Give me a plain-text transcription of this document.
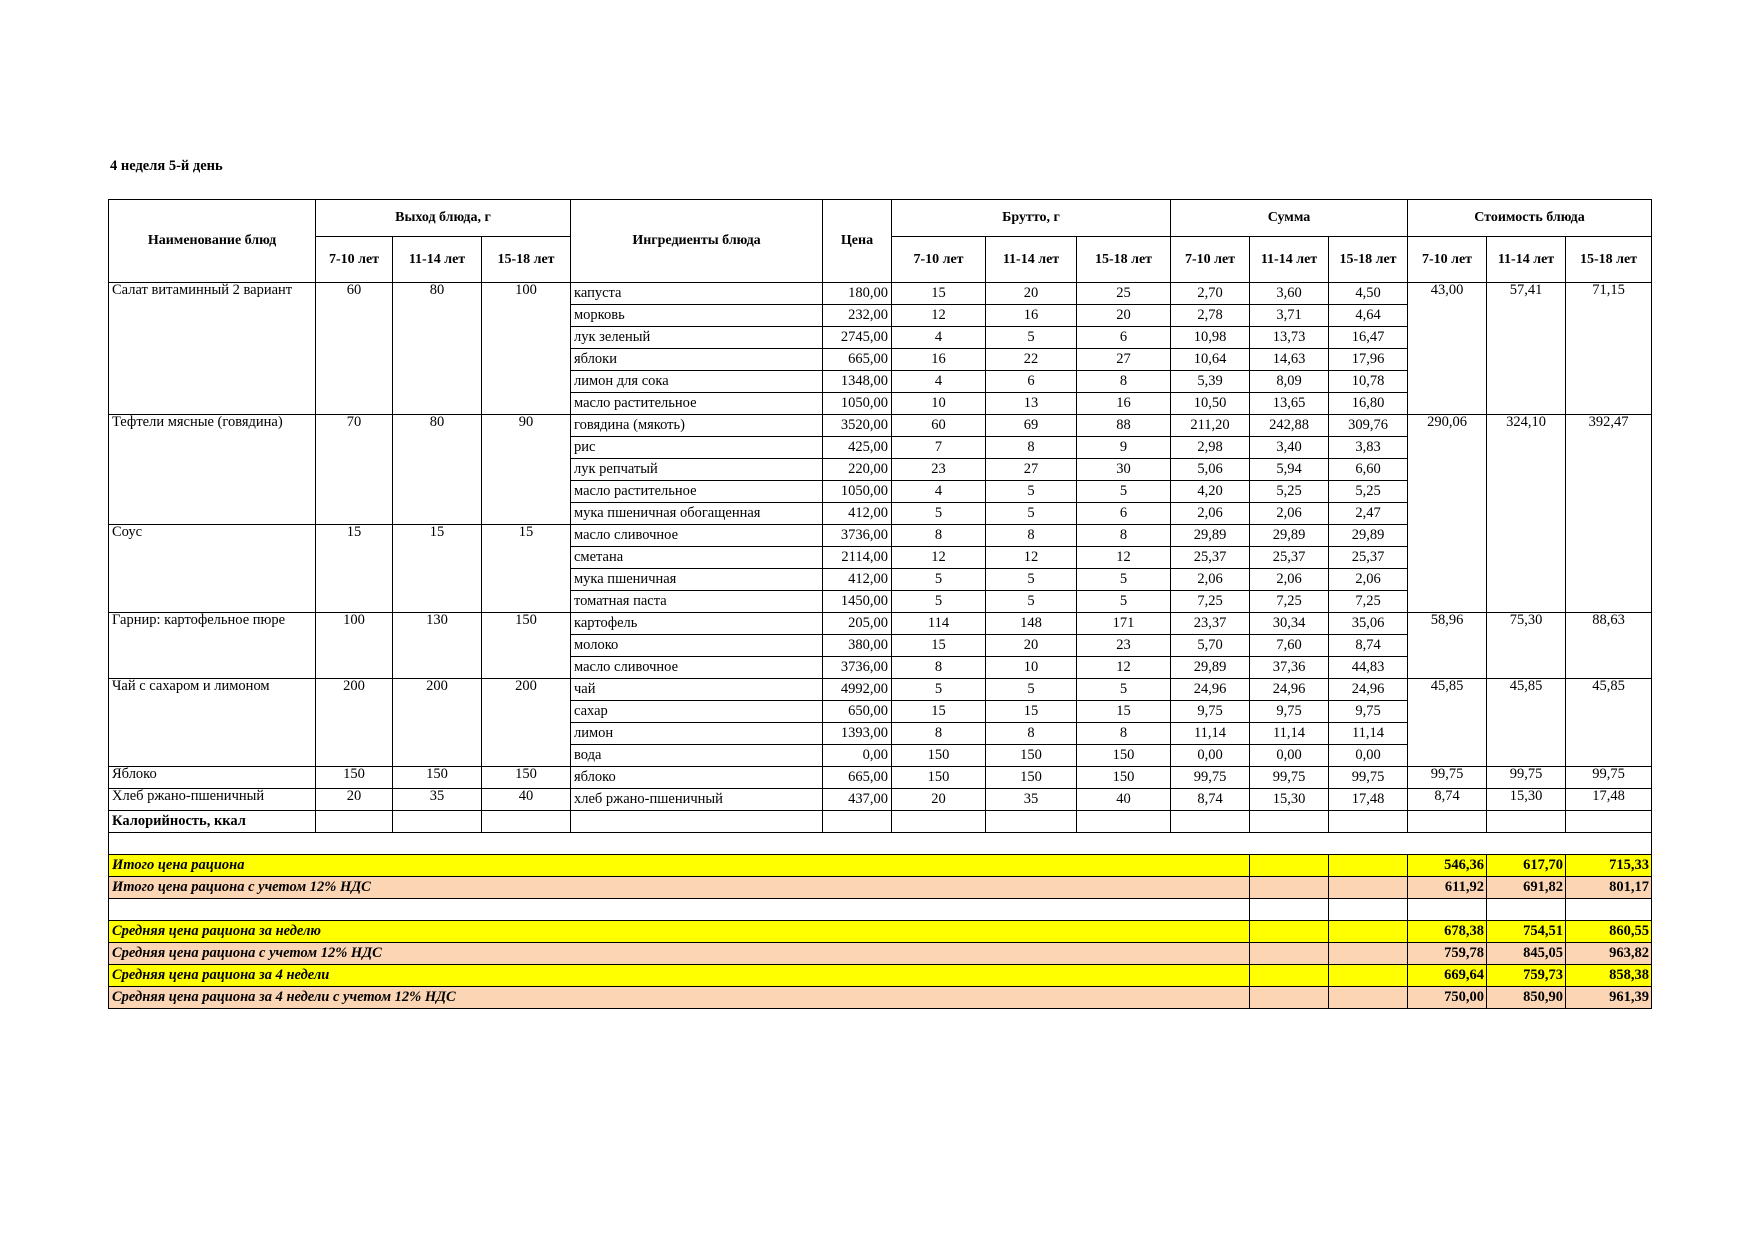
4 неделя 5-й день
Наименование блюд	Выход блюда, г			Ингредиенты блюда	Цена	Брутто, г			Сумма			Стоимость блюда		
	7-10 лет	11-14 лет	15-18 лет			7-10 лет	11-14 лет	15-18 лет	7-10 лет	11-14 лет	15-18 лет	7-10 лет	11-14 лет	15-18 лет
Салат витаминный 2 вариант	60	80	100	капуста	180,00	15	20	25	2,70	3,60	4,50	43,00	57,41	71,15
				морковь	232,00	12	16	20	2,78	3,71	4,64			
				лук зеленый	2745,00	4	5	6	10,98	13,73	16,47			
				яблоки	665,00	16	22	27	10,64	14,63	17,96			
				лимон для сока	1348,00	4	6	8	5,39	8,09	10,78			
				масло растительное	1050,00	10	13	16	10,50	13,65	16,80			
Тефтели мясные (говядина)	70	80	90	говядина (мякоть)	3520,00	60	69	88	211,20	242,88	309,76	290,06	324,10	392,47
				рис	425,00	7	8	9	2,98	3,40	3,83			
				лук репчатый	220,00	23	27	30	5,06	5,94	6,60			
				масло растительное	1050,00	4	5	5	4,20	5,25	5,25			
				мука пшеничная обогащенная	412,00	5	5	6	2,06	2,06	2,47			
Соус	15	15	15	масло сливочное	3736,00	8	8	8	29,89	29,89	29,89			
				сметана	2114,00	12	12	12	25,37	25,37	25,37			
				мука пшеничная	412,00	5	5	5	2,06	2,06	2,06			
				томатная паста	1450,00	5	5	5	7,25	7,25	7,25			
Гарнир: картофельное пюре	100	130	150	картофель	205,00	114	148	171	23,37	30,34	35,06	58,96	75,30	88,63
				молоко	380,00	15	20	23	5,70	7,60	8,74			
				масло сливочное	3736,00	8	10	12	29,89	37,36	44,83			
Чай с сахаром и лимоном	200	200	200	чай	4992,00	5	5	5	24,96	24,96	24,96	45,85	45,85	45,85
				сахар	650,00	15	15	15	9,75	9,75	9,75			
				лимон	1393,00	8	8	8	11,14	11,14	11,14			
				вода	0,00	150	150	150	0,00	0,00	0,00			
Яблоко	150	150	150	яблоко	665,00	150	150	150	99,75	99,75	99,75	99,75	99,75	99,75
Хлеб ржано-пшеничный	20	35	40	хлеб ржано-пшеничный	437,00	20	35	40	8,74	15,30	17,48	8,74	15,30	17,48
Калорийность, ккал														

Итого цена рациона												546,36	617,70	715,33
Итого цена рациона с учетом 12% НДС												611,92	691,82	801,17

Средняя цена рациона за неделю												678,38	754,51	860,55
Средняя цена рациона с учетом 12% НДС												759,78	845,05	963,82
Средняя цена рациона за 4 недели												669,64	759,73	858,38
Средняя цена рациона за 4 недели с учетом 12% НДС												750,00	850,90	961,39
